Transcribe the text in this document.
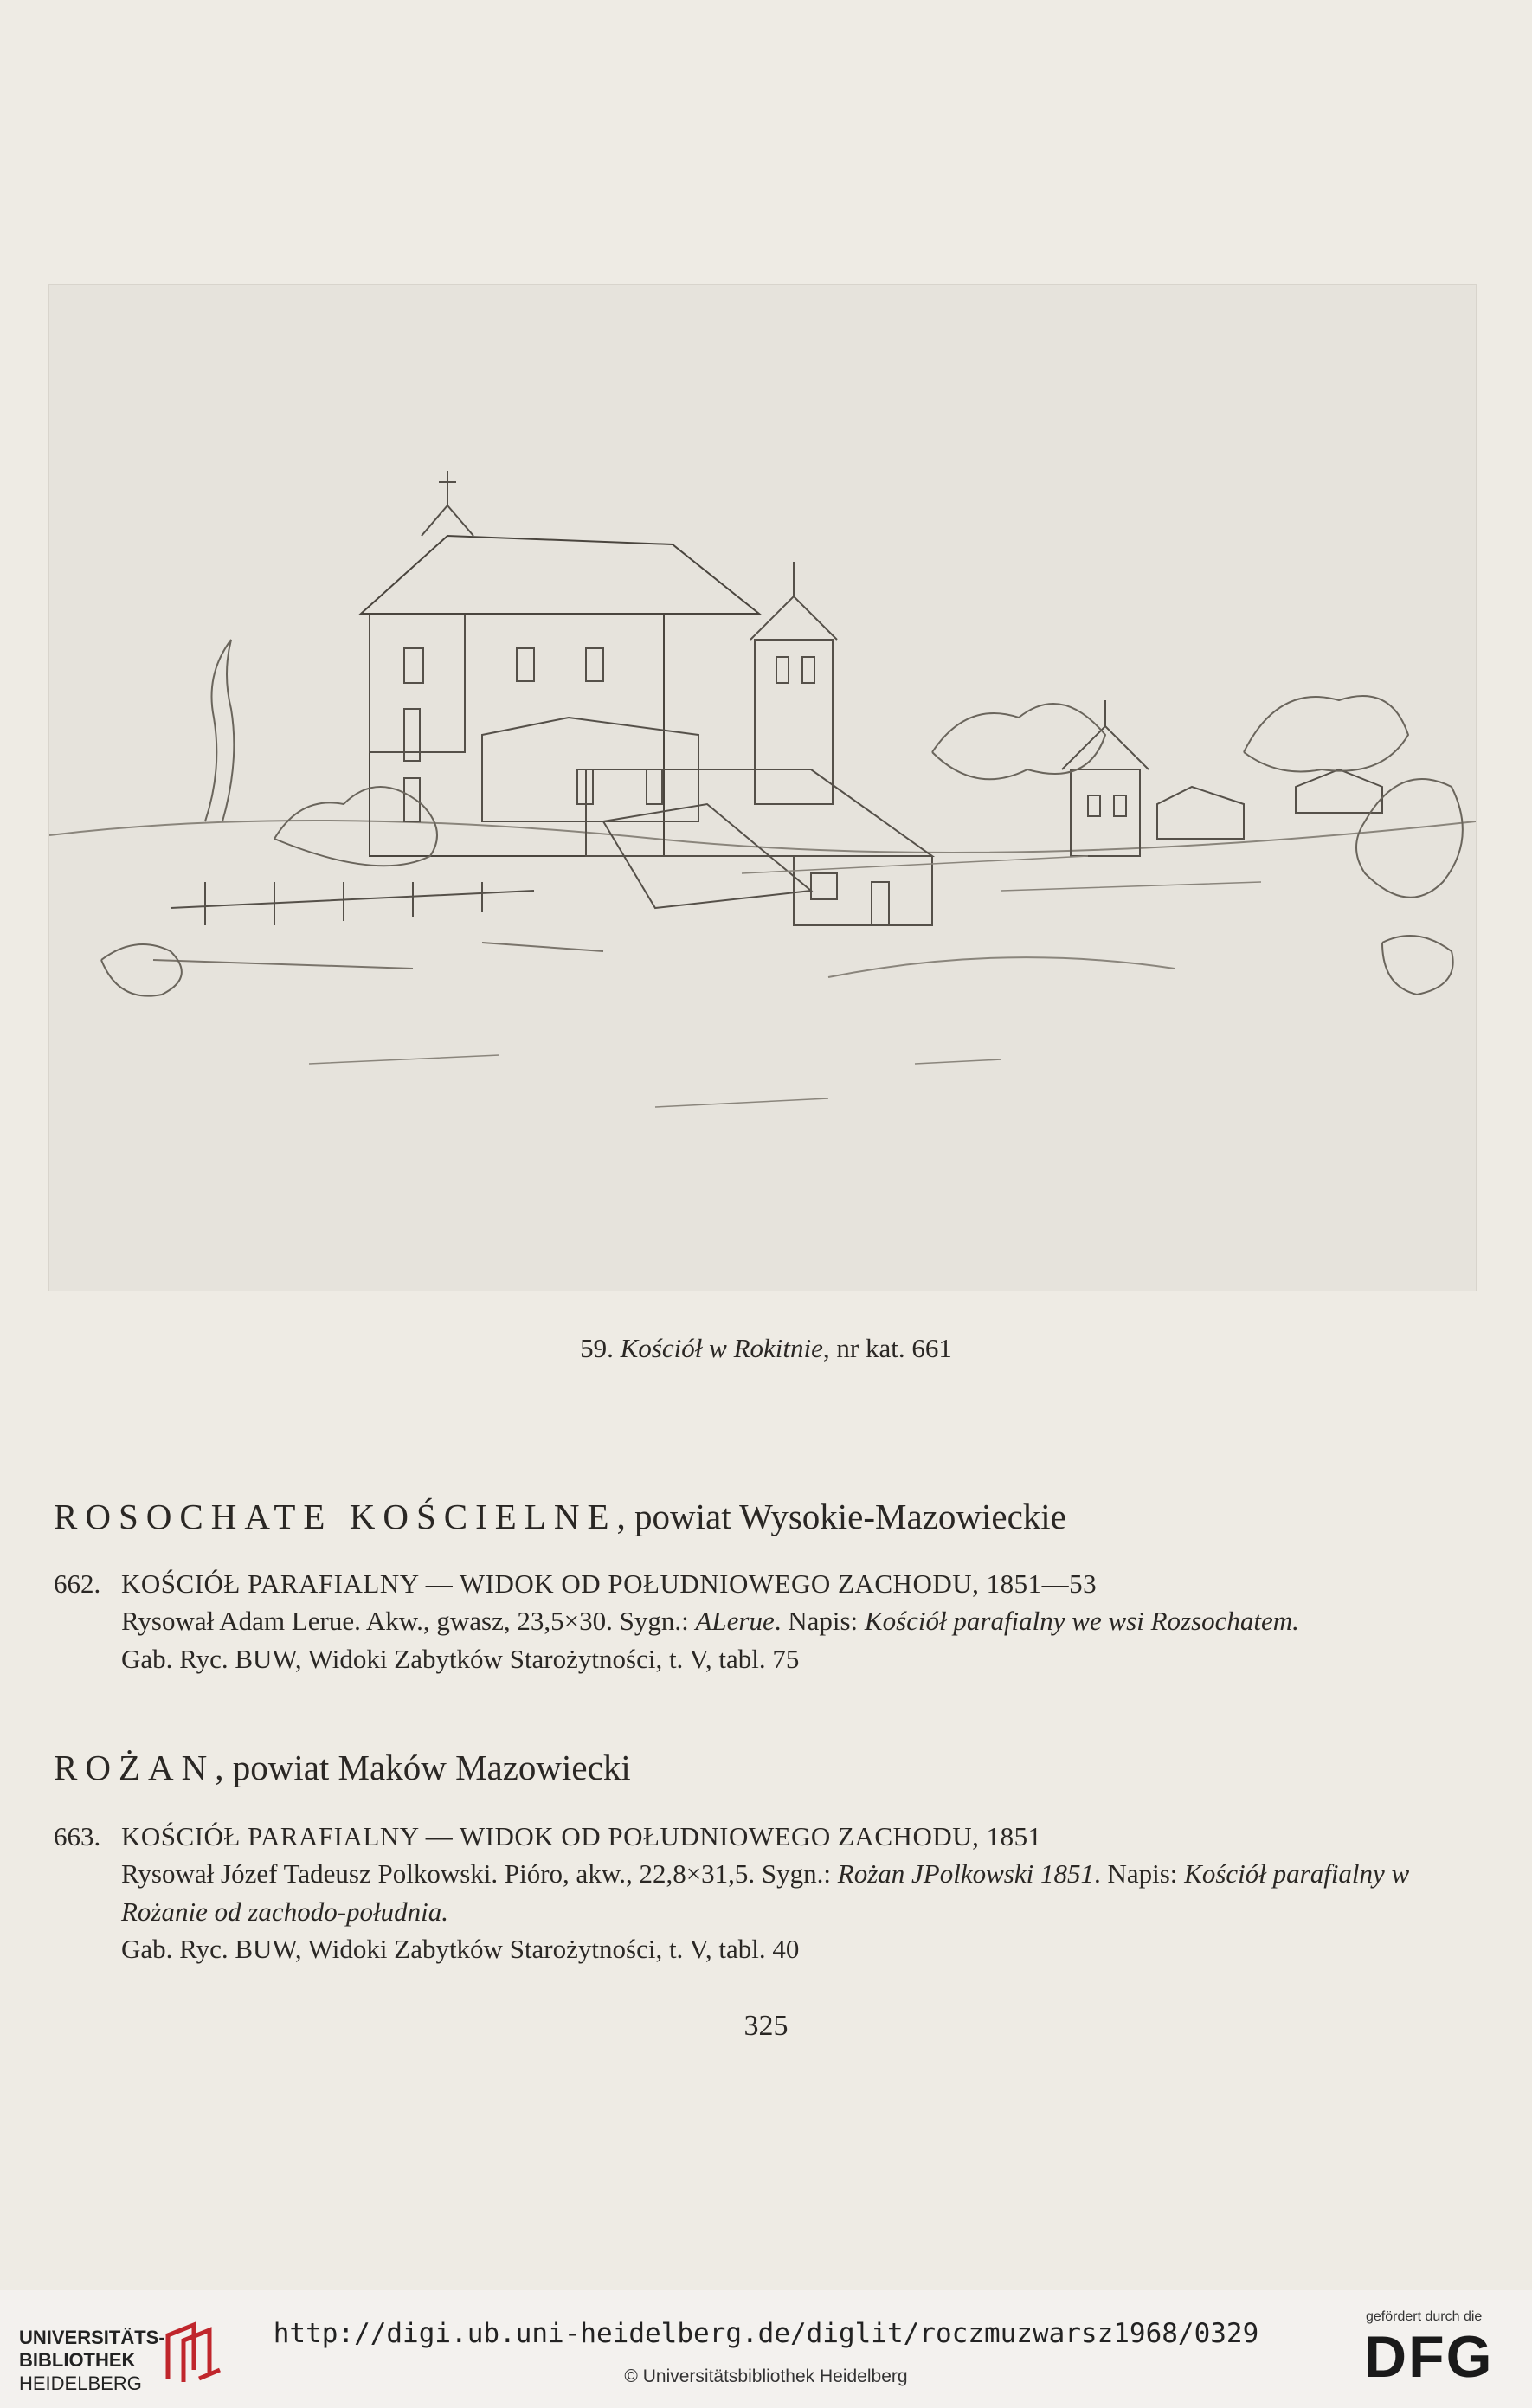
59. Kościół w Rokitnie, nr kat. 661
ROSOCHATE KOŚCIELNE, powiat Wysokie-Mazowieckie
662. KOŚCIÓŁ PARAFIALNY — WIDOK OD POŁUDNIOWEGO ZACHODU, 1851—53
Rysował Adam Lerue. Akw., gwasz, 23,5×30. Sygn.: ALerue. Napis: Kościół parafialny we wsi Rozsochatem.
Gab. Ryc. BUW, Widoki Zabytków Starożytności, t. V, tabl. 75
ROŻAN, powiat Maków Mazowiecki
663. KOŚCIÓŁ PARAFIALNY — WIDOK OD POŁUDNIOWEGO ZACHODU, 1851
Rysował Józef Tadeusz Polkowski. Pióro, akw., 22,8×31,5. Sygn.: Rożan JPolkowski 1851. Napis: Kościół parafialny w Rożanie od zachodo-południa.
Gab. Ryc. BUW, Widoki Zabytków Starożytności, t. V, tabl. 40
325
UNIVERSITÄTS-
BIBLIOTHEK
HEIDELBERG
http://digi.ub.uni-heidelberg.de/diglit/roczmuzwarsz1968/0329
© Universitätsbibliothek Heidelberg
gefördert durch die
DFG
